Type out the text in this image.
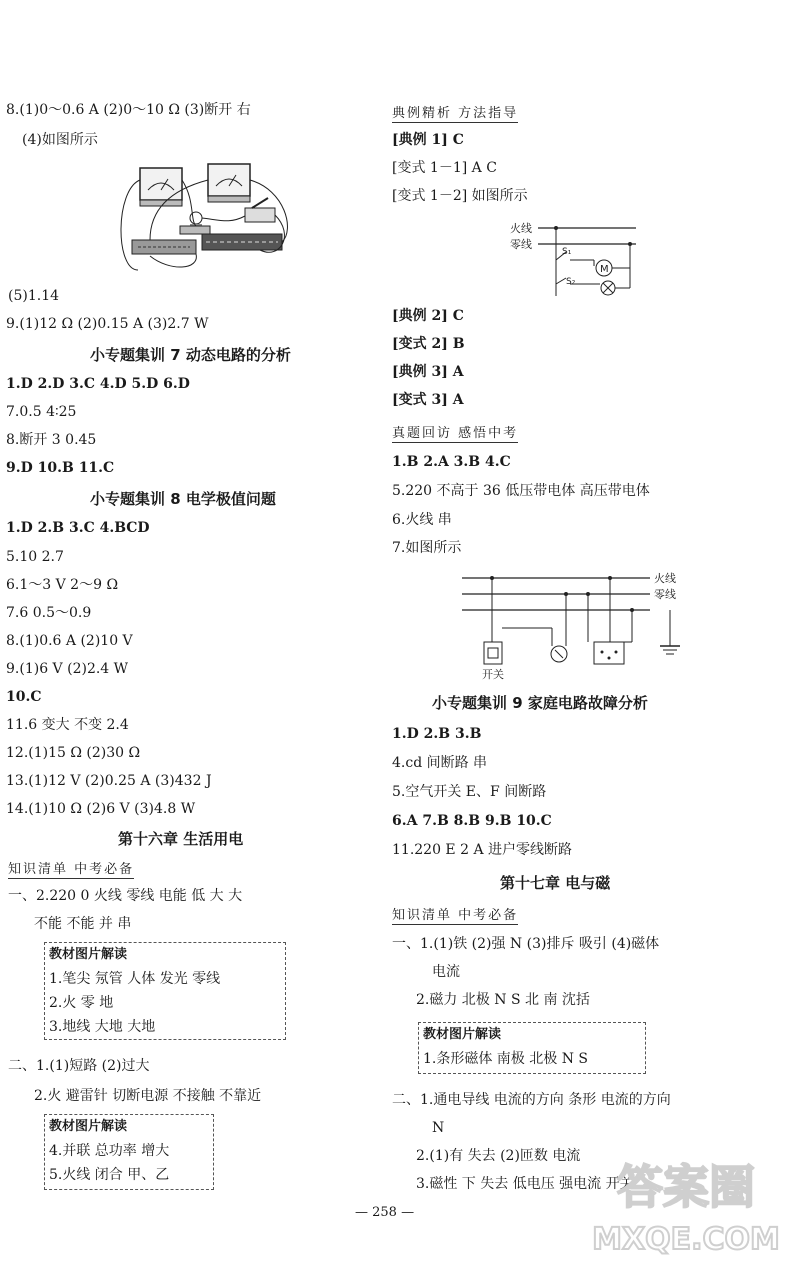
8.(1)0～0.6 A (2)0～10 Ω (3)断开 右
(4)如图所示
(5)1.14
9.(1)12 Ω (2)0.15 A (3)2.7 W
小专题集训 7 动态电路的分析
1.D 2.D 3.C 4.D 5.D 6.D
7.0.5 4∶25
8.断开 3 0.45
9.D 10.B 11.C
小专题集训 8 电学极值问题
1.D 2.B 3.C 4.BCD
5.10 2.7
6.1～3 V 2～9 Ω
7.6 0.5～0.9
8.(1)0.6 A (2)10 V
9.(1)6 V (2)2.4 W
10.C
11.6 变大 不变 2.4
12.(1)15 Ω (2)30 Ω
13.(1)12 V (2)0.25 A (3)432 J
14.(1)10 Ω (2)6 V (3)4.8 W
第十六章 生活用电
知识清单 中考必备
一、2.220 0 火线 零线 电能 低 大 大
不能 不能 并 串
教材图片解读
1.笔尖 氖管 人体 发光 零线
2.火 零 地
3.地线 大地 大地
二、1.(1)短路 (2)过大
2.火 避雷针 切断电源 不接触 不靠近
教材图片解读
4.并联 总功率 增大
5.火线 闭合 甲、乙
典例精析 方法指导
[典例 1] C
[变式 1－1] A C
[变式 1－2] 如图所示
火线
零线
S₁
S₂
M
[典例 2] C
[变式 2] B
[典例 3] A
[变式 3] A
真题回访 感悟中考
1.B 2.A 3.B 4.C
5.220 不高于 36 低压带电体 高压带电体
6.火线 串
7.如图所示
火线
零线
开关
小专题集训 9 家庭电路故障分析
1.D 2.B 3.B
4.cd 间断路 串
5.空气开关 E、F 间断路
6.A 7.B 8.B 9.B 10.C
11.220 E 2 A 进户零线断路
第十七章 电与磁
知识清单 中考必备
一、1.(1)铁 (2)强 N (3)排斥 吸引 (4)磁体
电流
2.磁力 北极 N S 北 南 沈括
教材图片解读
1.条形磁体 南极 北极 N S
二、1.通电导线 电流的方向 条形 电流的方向
N
2.(1)有 失去 (2)匝数 电流
3.磁性 下 失去 低电压 强电流 开关
— 258 —	答案圈
MXQE.COM
